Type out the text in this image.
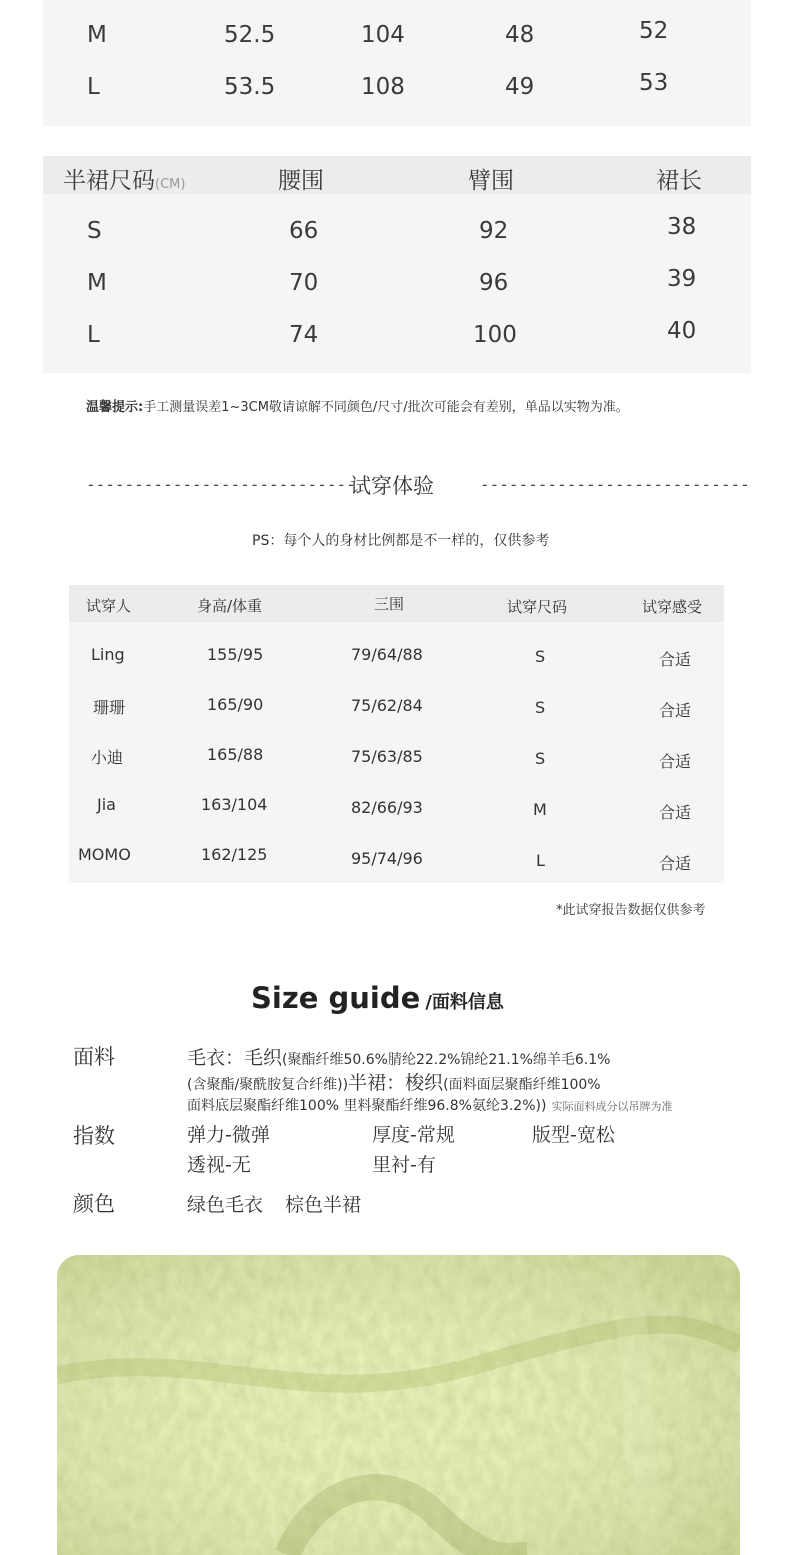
M	52.5	104	48	52
L	53.5	108	49	53
半裙尺码(CM)	腰围	臂围	裙长
S	66	92	38
M	70	96	39
L	74	100	40
温馨提示:手工测量误差1~3CM敬请谅解不同颜色/尺寸/批次可能会有差别，单品以实物为准。
----------------------------
试穿体验	----------------------------
PS：每个人的身材比例都是不一样的，仅供参考
试穿人	身高/体重	三围	试穿尺码	试穿感受
Ling	155/95	79/64/88	S	合适
珊珊	165/90	75/62/84	S	合适
小迪	165/88	75/63/85	S	合适
Jia	163/104	82/66/93	M	合适
MOMO	162/125	95/74/96	L	合适
*此试穿报告数据仅供参考
Size guide /面料信息
面料	毛衣：毛织(聚酯纤维50.6%腈纶22.2%锦纶21.1%绵羊毛6.1%
(含聚酯/聚酰胺复合纤维))半裙：梭织(面料面层聚酯纤维100%
面料底层聚酯纤维100% 里料聚酯纤维96.8%氨纶3.2%)) 实际面料成分以吊牌为准
指数	弹力-微弹	厚度-常规	版型-宽松
透视-无	里衬-有
颜色	绿色毛衣 棕色半裙
